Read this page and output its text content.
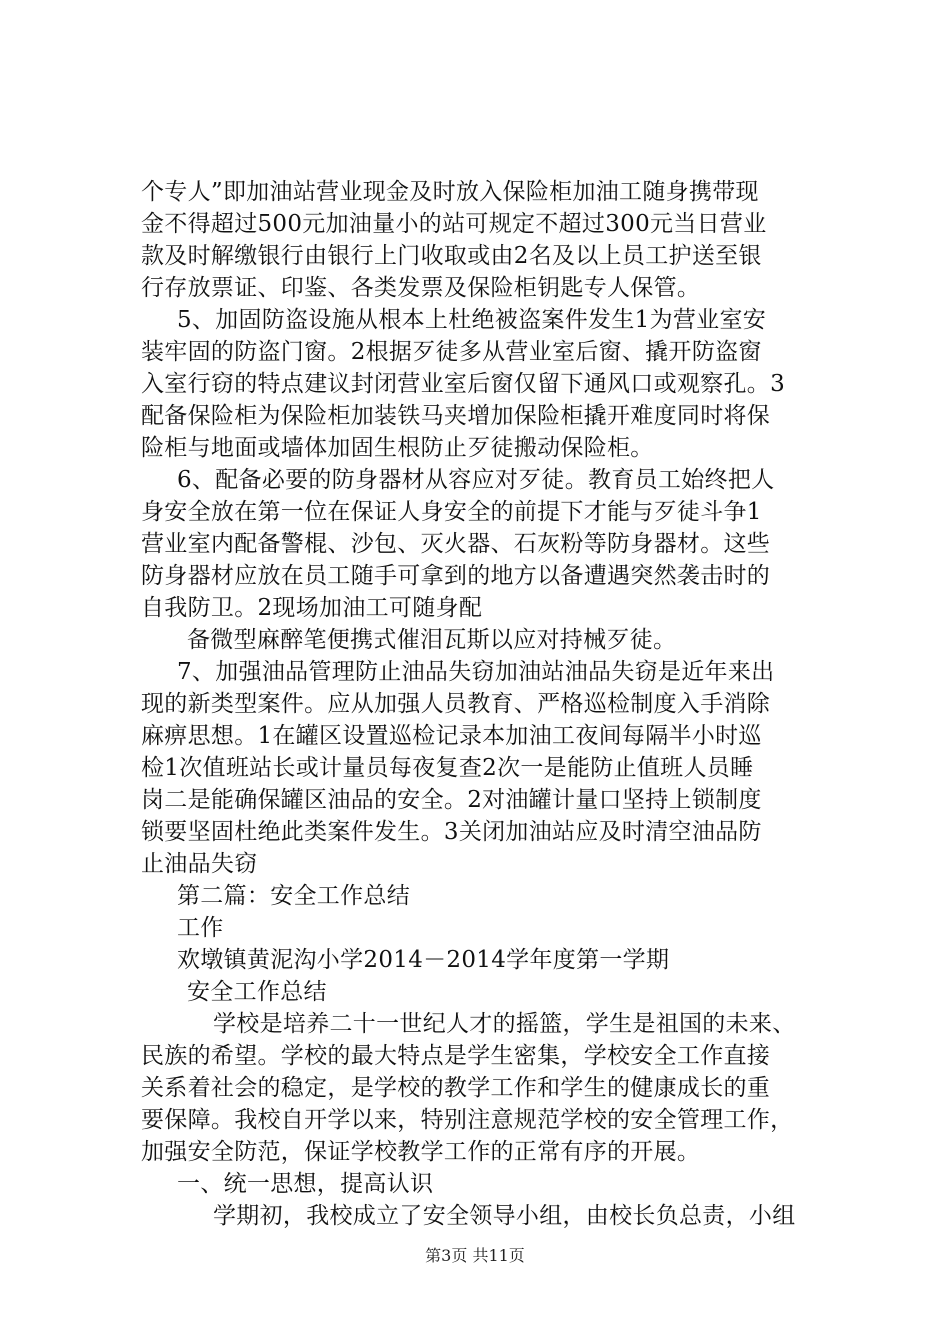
个专人”即加油站营业现金及时放入保险柜加油工随身携带现
金不得超过500元加油量小的站可规定不超过300元当日营业
款及时解缴银行由银行上门收取或由2名及以上员工护送至银
行存放票证、印鉴、各类发票及保险柜钥匙专人保管。
5、加固防盗设施从根本上杜绝被盗案件发生1为营业室安
装牢固的防盗门窗。2根据歹徒多从营业室后窗、撬开防盗窗
入室行窃的特点建议封闭营业室后窗仅留下通风口或观察孔。3
配备保险柜为保险柜加装铁马夹增加保险柜撬开难度同时将保
险柜与地面或墙体加固生根防止歹徒搬动保险柜。
6、配备必要的防身器材从容应对歹徒。教育员工始终把人
身安全放在第一位在保证人身安全的前提下才能与歹徒斗争1
营业室内配备警棍、沙包、灭火器、石灰粉等防身器材。这些
防身器材应放在员工随手可拿到的地方以备遭遇突然袭击时的
自我防卫。2现场加油工可随身配
备微型麻醉笔便携式催泪瓦斯以应对持械歹徒。
7、加强油品管理防止油品失窃加油站油品失窃是近年来出
现的新类型案件。应从加强人员教育、严格巡检制度入手消除
麻痹思想。1在罐区设置巡检记录本加油工夜间每隔半小时巡
检1次值班站长或计量员每夜复查2次一是能防止值班人员睡
岗二是能确保罐区油品的安全。2对油罐计量口坚持上锁制度
锁要坚固杜绝此类案件发生。3关闭加油站应及时清空油品防
止油品失窃
第二篇：安全工作总结
工作
欢墩镇黄泥沟小学2014－2014学年度第一学期
安全工作总结
学校是培养二十一世纪人才的摇篮，学生是祖国的未来、
民族的希望。学校的最大特点是学生密集，学校安全工作直接
关系着社会的稳定，是学校的教学工作和学生的健康成长的重
要保障。我校自开学以来，特别注意规范学校的安全管理工作，
加强安全防范，保证学校教学工作的正常有序的开展。
一、统一思想，提高认识
学期初，我校成立了安全领导小组，由校长负总责，小组
第3页 共11页
